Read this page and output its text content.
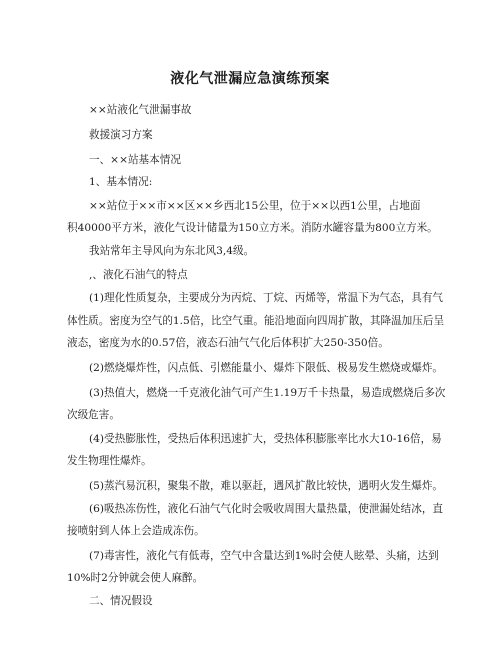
液化气泄漏应急演练预案
××站液化气泄漏事故
救援演习方案
一、××站基本情况
1、基本情况:
××站位于××市××区××乡西北15公里，位于××以西1公里，占地面
积40000平方米，液化气设计储量为150立方米。消防水罐容量为800立方米。
我站常年主导风向为东北风3,4级。
,、液化石油气的特点
(1)理化性质复杂，主要成分为丙烷、丁烷、丙烯等，常温下为气态，具有气
体性质。密度为空气的1.5倍，比空气重。能沿地面向四周扩散，其降温加压后呈
液态，密度为水的0.57倍，液态石油气气化后体积扩大250-350倍。
(2)燃烧爆炸性，闪点低、引燃能量小、爆炸下限低、极易发生燃烧或爆炸。
(3)热值大，燃烧一千克液化油气可产生1.19万千卡热量，易造成燃烧后多次
次级危害。
(4)受热膨胀性，受热后体积迅速扩大，受热体积膨胀率比水大10-16倍，易
发生物理性爆炸。
(5)蒸汽易沉积，聚集不散，难以驱赶，遇风扩散比较快，遇明火发生爆炸。
(6)吸热冻伤性，液化石油气气化时会吸收周围大量热量，使泄漏处结冰，直
接喷射到人体上会造成冻伤。
(7)毒害性，液化气有低毒，空气中含量达到1%时会使人眩晕、头痛，达到
10%时2分钟就会使人麻醉。
二、情况假设
